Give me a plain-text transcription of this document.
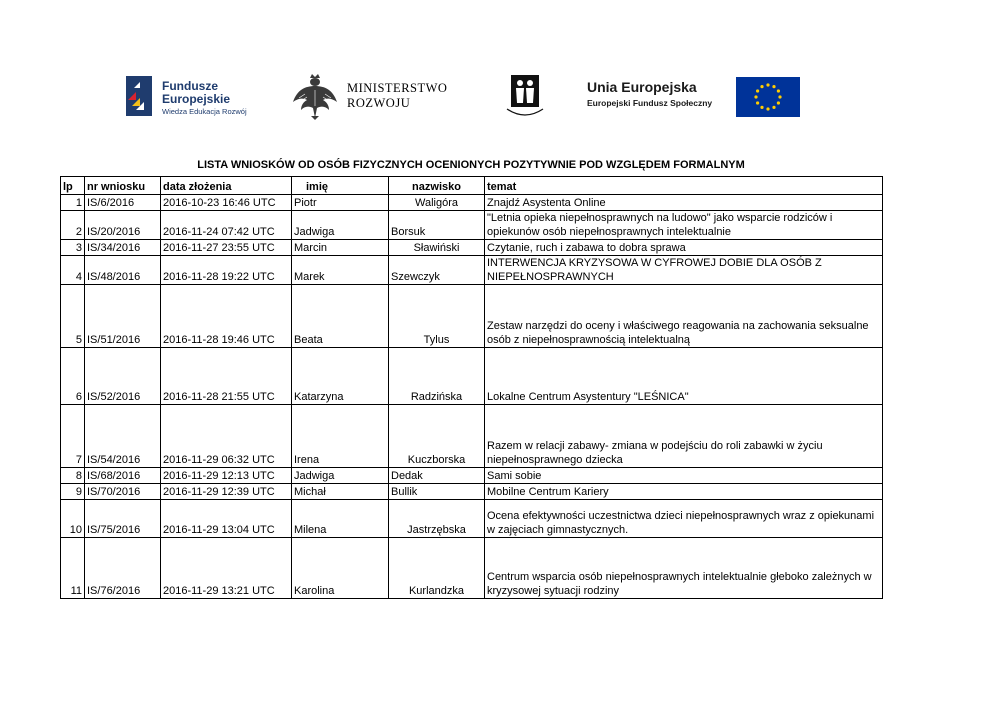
Fundusze
Europejskie
Wiedza Edukacja Rozwój
MINISTERSTWO
ROZWOJU
Unia Europejska
Europejski Fundusz Społeczny
LISTA WNIOSKÓW OD OSÓB FIZYCZNYCH OCENIONYCH POZYTYWNIE POD WZGLĘDEM FORMALNYM
lp	nr wniosku	data złożenia	imię	nazwisko	temat
1	IS/6/2016	2016-10-23 16:46 UTC	Piotr	Waligóra	Znajdź Asystenta Online
2	IS/20/2016	2016-11-24 07:42 UTC	Jadwiga	Borsuk	"Letnia opieka niepełnosprawnych na ludowo" jako wsparcie rodziców i opiekunów osób niepełnosprawnych intelektualnie
3	IS/34/2016	2016-11-27 23:55 UTC	Marcin	Sławiński	Czytanie, ruch i zabawa to dobra sprawa
4	IS/48/2016	2016-11-28 19:22 UTC	Marek	Szewczyk	INTERWENCJA KRYZYSOWA W CYFROWEJ DOBIE DLA OSÓB Z NIEPEŁNOSPRAWNYCH
5	IS/51/2016	2016-11-28 19:46 UTC	Beata	Tylus	Zestaw narzędzi do oceny i właściwego reagowania na zachowania seksualne osób z niepełnosprawnością intelektualną
6	IS/52/2016	2016-11-28 21:55 UTC	Katarzyna	Radzińska	Lokalne Centrum Asystentury "LEŚNICA"
7	IS/54/2016	2016-11-29 06:32 UTC	Irena	Kuczborska	Razem w relacji zabawy- zmiana w podejściu do roli zabawki w życiu niepełnosprawnego dziecka
8	IS/68/2016	2016-11-29 12:13 UTC	Jadwiga	Dedak	Sami sobie
9	IS/70/2016	2016-11-29 12:39 UTC	Michał	Bullik	Mobilne Centrum Kariery
10	IS/75/2016	2016-11-29 13:04 UTC	Milena	Jastrzębska	Ocena efektywności uczestnictwa dzieci niepełnosprawnych wraz z opiekunami w zajęciach gimnastycznych.
11	IS/76/2016	2016-11-29 13:21 UTC	Karolina	Kurlandzka	Centrum wsparcia osób niepełnosprawnych intelektualnie głeboko zależnych w kryzysowej sytuacji rodziny
